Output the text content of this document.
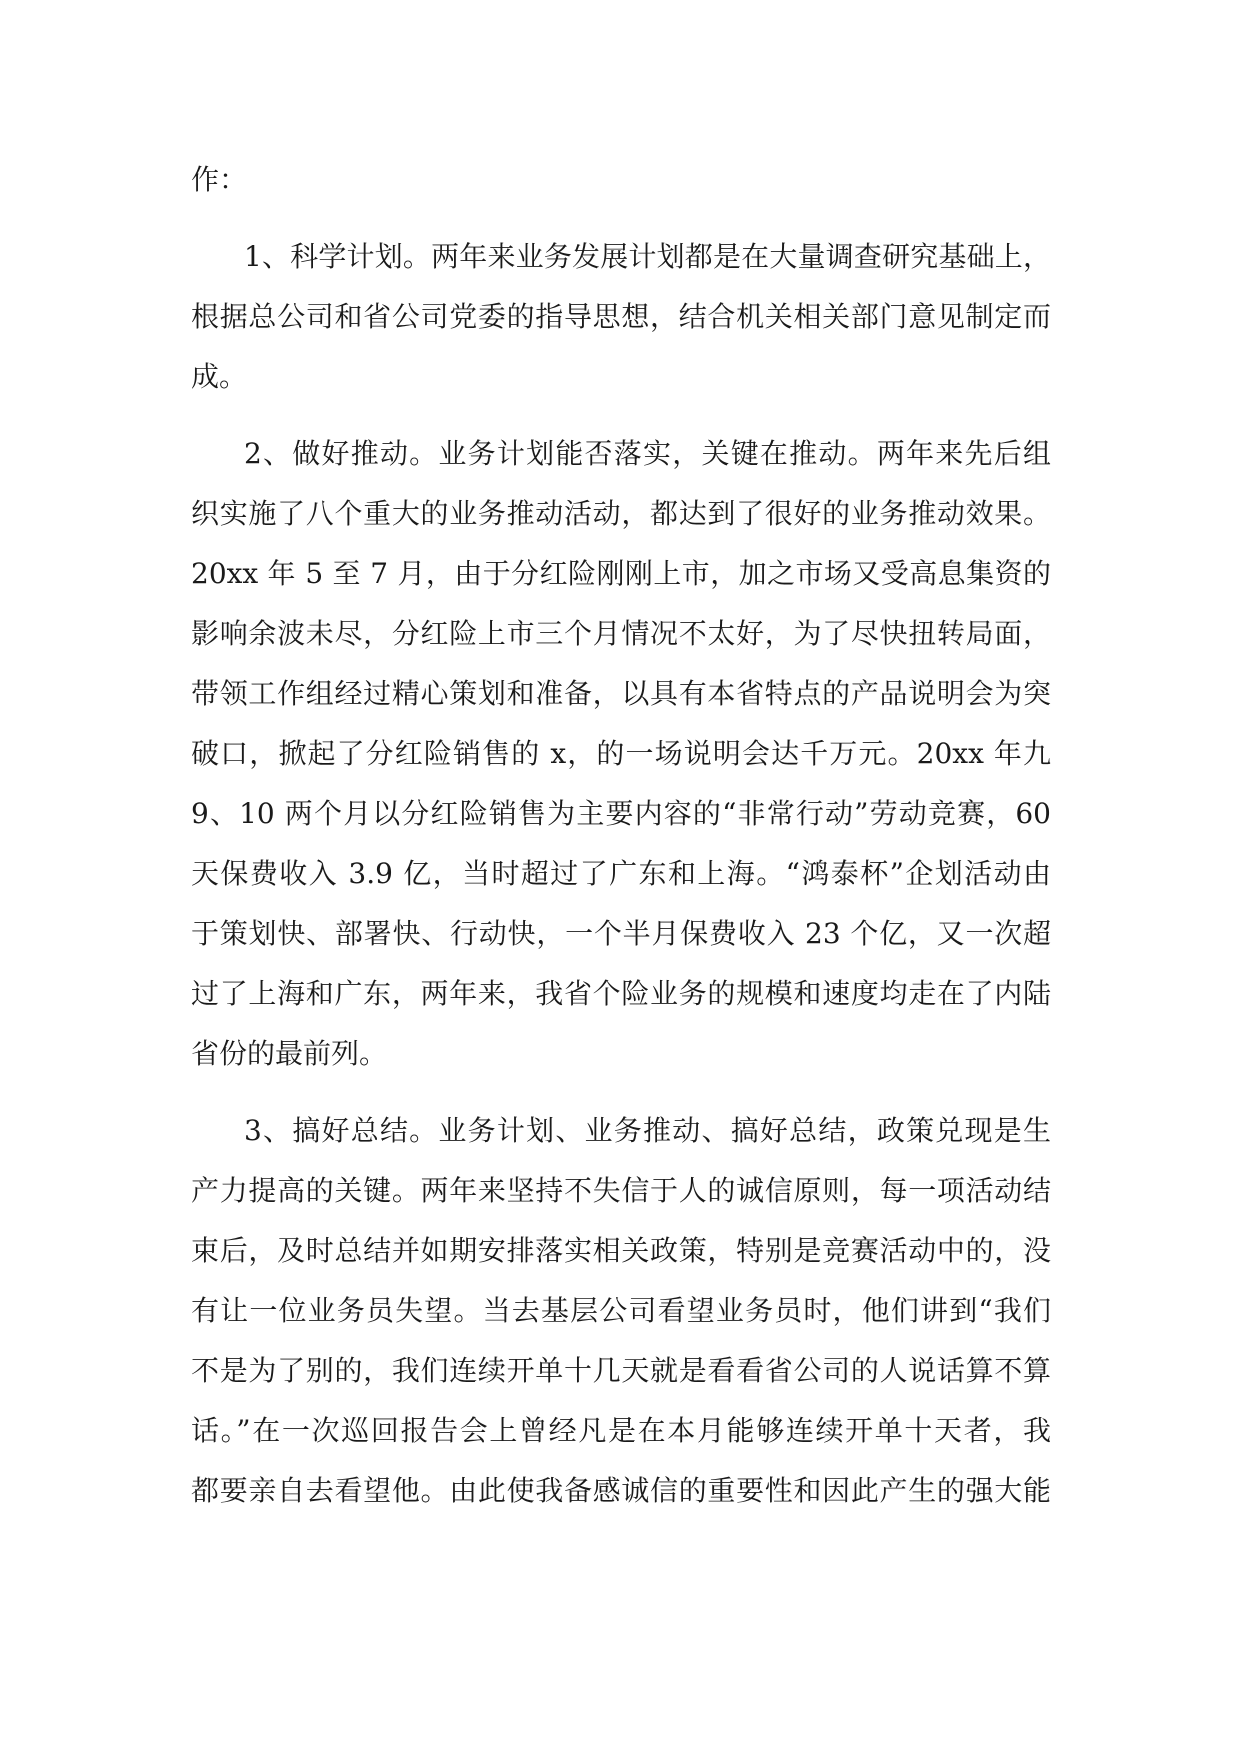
作：
1、科学计划。两年来业务发展计划都是在大量调查研究基础上，
根据总公司和省公司党委的指导思想，结合机关相关部门意见制定而
成。
2、做好推动。业务计划能否落实，关键在推动。两年来先后组
织实施了八个重大的业务推动活动，都达到了很好的业务推动效果。
20xx 年 5 至 7 月，由于分红险刚刚上市，加之市场又受高息集资的
影响余波未尽，分红险上市三个月情况不太好，为了尽快扭转局面，
带领工作组经过精心策划和准备，以具有本省特点的产品说明会为突
破口，掀起了分红险销售的 x，的一场说明会达千万元。20xx 年九
9、10 两个月以分红险销售为主要内容的“非常行动”劳动竞赛，60
天保费收入 3.9 亿，当时超过了广东和上海。“鸿泰杯”企划活动由
于策划快、部署快、行动快，一个半月保费收入 23 个亿，又一次超
过了上海和广东，两年来，我省个险业务的规模和速度均走在了内陆
省份的最前列。
3、搞好总结。业务计划、业务推动、搞好总结，政策兑现是生
产力提高的关键。两年来坚持不失信于人的诚信原则，每一项活动结
束后，及时总结并如期安排落实相关政策，特别是竞赛活动中的，没
有让一位业务员失望。当去基层公司看望业务员时，他们讲到“我们
不是为了别的，我们连续开单十几天就是看看省公司的人说话算不算
话。”在一次巡回报告会上曾经凡是在本月能够连续开单十天者，我
都要亲自去看望他。由此使我备感诚信的重要性和因此产生的强大能
